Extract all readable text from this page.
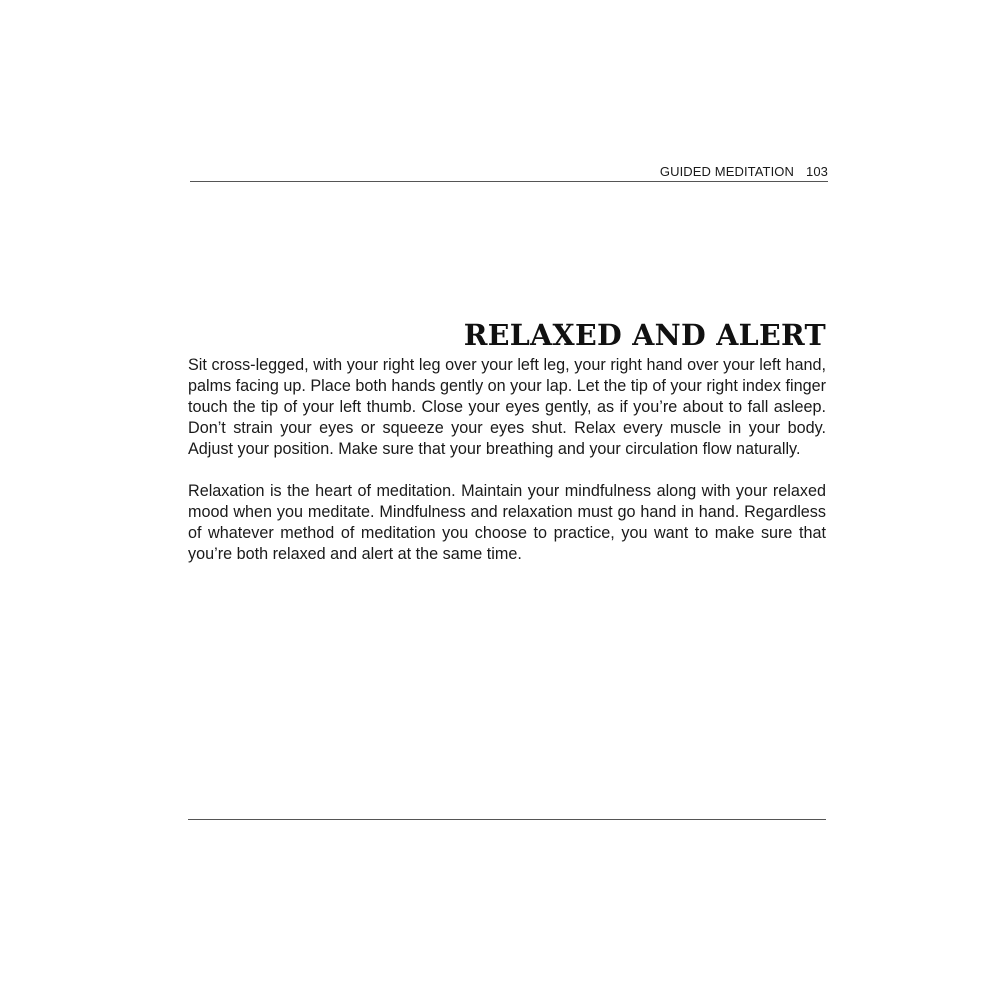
GUIDED MEDITATION 103
RELAXED AND ALERT

Sit cross-legged, with your right leg over your left leg, your right hand over your left hand, palms facing up. Place both hands gently on your lap. Let the tip of your right index finger touch the tip of your left thumb. Close your eyes gently, as if you’re about to fall asleep. Don’t strain your eyes or squeeze your eyes shut. Relax every muscle in your body. Adjust your position. Make sure that your breathing and your circulation flow naturally.

Relaxation is the heart of meditation. Maintain your mindfulness along with your relaxed mood when you meditate. Mindfulness and relaxation must go hand in hand. Regardless of whatever method of meditation you choose to practice, you want to make sure that you’re both relaxed and alert at the same time.
